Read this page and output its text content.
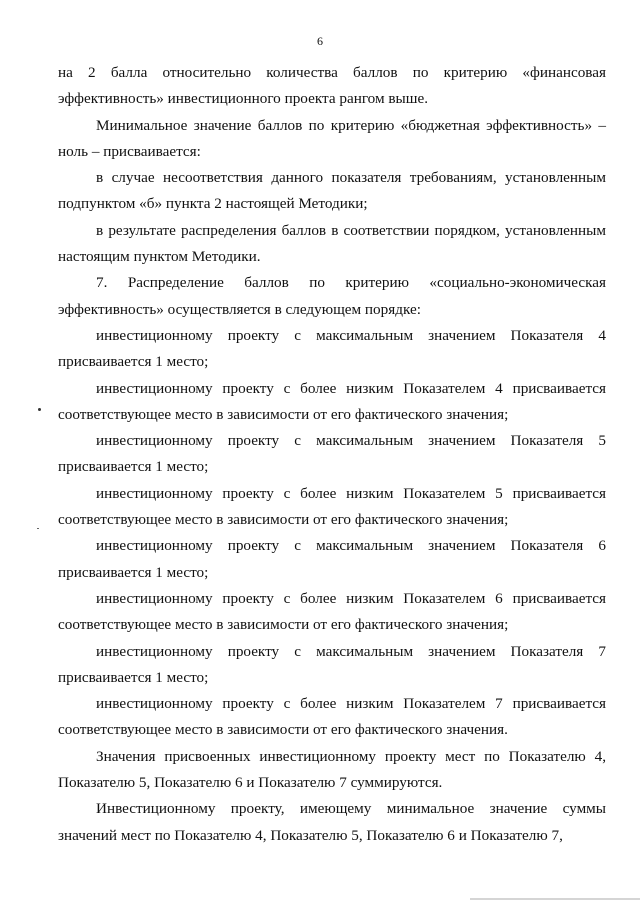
6

на 2 балла относительно количества баллов по критерию «финансовая эффективность» инвестиционного проекта рангом выше.

Минимальное значение баллов по критерию «бюджетная эффективность» – ноль – присваивается:

в случае несоответствия данного показателя требованиям, установленным подпунктом «б» пункта 2 настоящей Методики;

в результате распределения баллов в соответствии порядком, установленным настоящим пунктом Методики.

7. Распределение баллов по критерию «социально-экономическая эффективность» осуществляется в следующем порядке:

инвестиционному проекту с максимальным значением Показателя 4 присваивается 1 место;

инвестиционному проекту с более низким Показателем 4 присваивается соответствующее место в зависимости от его фактического значения;

инвестиционному проекту с максимальным значением Показателя 5 присваивается 1 место;

инвестиционному проекту с более низким Показателем 5 присваивается соответствующее место в зависимости от его фактического значения;

инвестиционному проекту с максимальным значением Показателя 6 присваивается 1 место;

инвестиционному проекту с более низким Показателем 6 присваивается соответствующее место в зависимости от его фактического значения;

инвестиционному проекту с максимальным значением Показателя 7 присваивается 1 место;

инвестиционному проекту с более низким Показателем 7 присваивается соответствующее место в зависимости от его фактического значения.

Значения присвоенных инвестиционному проекту мест по Показателю 4, Показателю 5, Показателю 6 и Показателю 7 суммируются.

Инвестиционному проекту, имеющему минимальное значение суммы значений мест по Показателю 4, Показателю 5, Показателю 6 и Показателю 7,
